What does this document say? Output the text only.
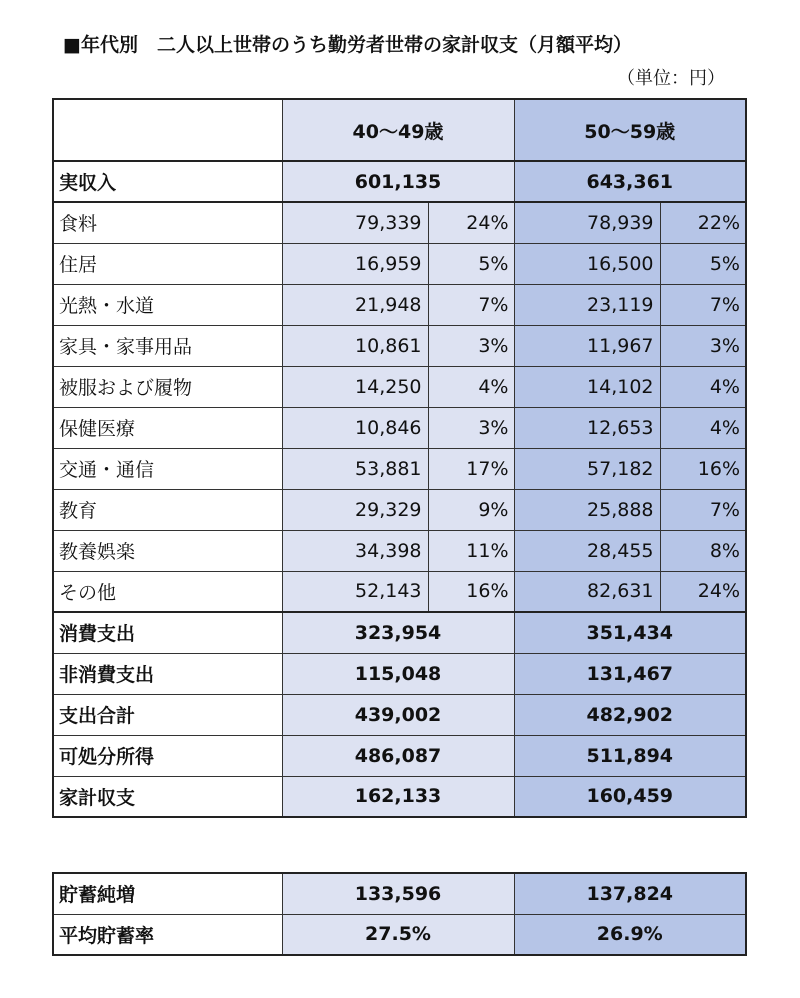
■年代別　二人以上世帯のうち勤労者世帯の家計収支（月額平均）
（単位：円）
	40～49歳		50～59歳	
実収入	601,135		643,361	
食料	79,339	24%	78,939	22%
住居	16,959	5%	16,500	5%
光熱・水道	21,948	7%	23,119	7%
家具・家事用品	10,861	3%	11,967	3%
被服および履物	14,250	4%	14,102	4%
保健医療	10,846	3%	12,653	4%
交通・通信	53,881	17%	57,182	16%
教育	29,329	9%	25,888	7%
教養娯楽	34,398	11%	28,455	8%
その他	52,143	16%	82,631	24%
消費支出	323,954		351,434	
非消費支出	115,048		131,467	
支出合計	439,002		482,902	
可処分所得	486,087		511,894	
家計収支	162,133		160,459	
貯蓄純増	133,596	137,824
平均貯蓄率	27.5%	26.9%
